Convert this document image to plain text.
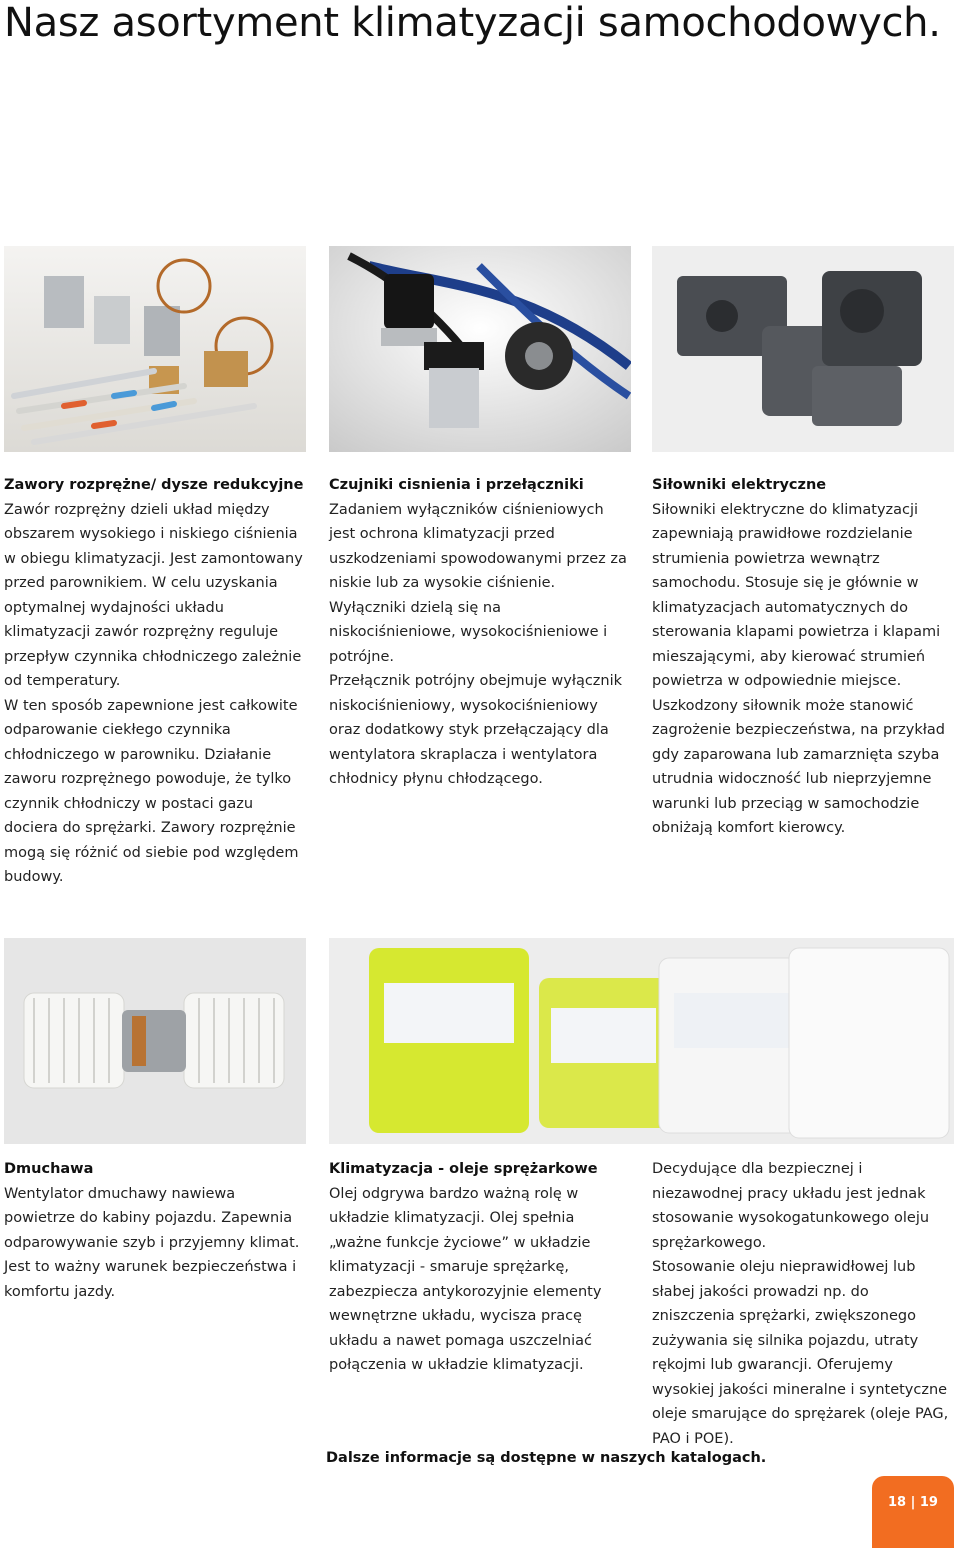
Nasz asortyment klimatyzacji samochodowych.
Zawory rozprężne/ dysze redukcyjne

Zawór rozprężny dzieli układ między obszarem wysokiego i niskiego ciśnienia w obiegu klimatyzacji. Jest zamontowany przed parownikiem. W celu uzyskania optymalnej wydajności układu klimatyzacji zawór rozprężny reguluje przepływ czynnika chłodniczego zależnie od temperatury.

W ten sposób zapewnione jest całkowite odparowanie ciekłego czynnika chłodniczego w parowniku. Działanie zaworu rozprężnego powoduje, że tylko czynnik chłodniczy w postaci gazu dociera do sprężarki. Zawory rozprężnie mogą się różnić od siebie pod względem budowy.

Czujniki cisnienia i przełączniki

Zadaniem wyłączników ciśnieniowych jest ochrona klimatyzacji przed uszkodzeniami spowodowanymi przez za niskie lub za wysokie ciśnienie.

Wyłączniki dzielą się na niskociśnieniowe, wysokociśnieniowe i potrójne.

Przełącznik potrójny obejmuje wyłącznik niskociśnieniowy, wysokociśnieniowy oraz dodatkowy styk przełączający dla wentylatora skraplacza i wentylatora chłodnicy płynu chłodzącego.

Siłowniki elektryczne

Siłowniki elektryczne do klimatyzacji zapewniają prawidłowe rozdzielanie strumienia powietrza wewnątrz samochodu. Stosuje się je głównie w klimatyzacjach automatycznych do sterowania klapami powietrza i klapami mieszającymi, aby kierować strumień powietrza w odpowiednie miejsce. Uszkodzony siłownik może stanowić zagrożenie bezpieczeństwa, na przykład gdy zaparowana lub zamarznięta szyba utrudnia widoczność lub nieprzyjemne warunki lub przeciąg w samochodzie obniżają komfort kierowcy.

Dmuchawa

Wentylator dmuchawy nawiewa powietrze do kabiny pojazdu. Zapewnia odparowywanie szyb i przyjemny klimat. Jest to ważny warunek bezpieczeństwa i komfortu jazdy.

Klimatyzacja - oleje sprężarkowe

Olej odgrywa bardzo ważną rolę w układzie klimatyzacji. Olej spełnia „ważne funkcje życiowe” w układzie klimatyzacji - smaruje sprężarkę, zabezpiecza antykorozyjnie elementy wewnętrzne układu, wycisza pracę układu a nawet pomaga uszczelniać połączenia w układzie klimatyzacji.

Decydujące dla bezpiecznej i niezawodnej pracy układu jest jednak stosowanie wysokogatunkowego oleju sprężarkowego.

Stosowanie oleju nieprawidłowej lub słabej jakości prowadzi np. do zniszczenia sprężarki, zwiększonego zużywania się silnika pojazdu, utraty rękojmi lub gwarancji. Oferujemy wysokiej jakości mineralne i syntetyczne oleje smarujące do sprężarek (oleje PAG, PAO i POE).

Dalsze informacje są dostępne w naszych katalogach.
18 | 19
